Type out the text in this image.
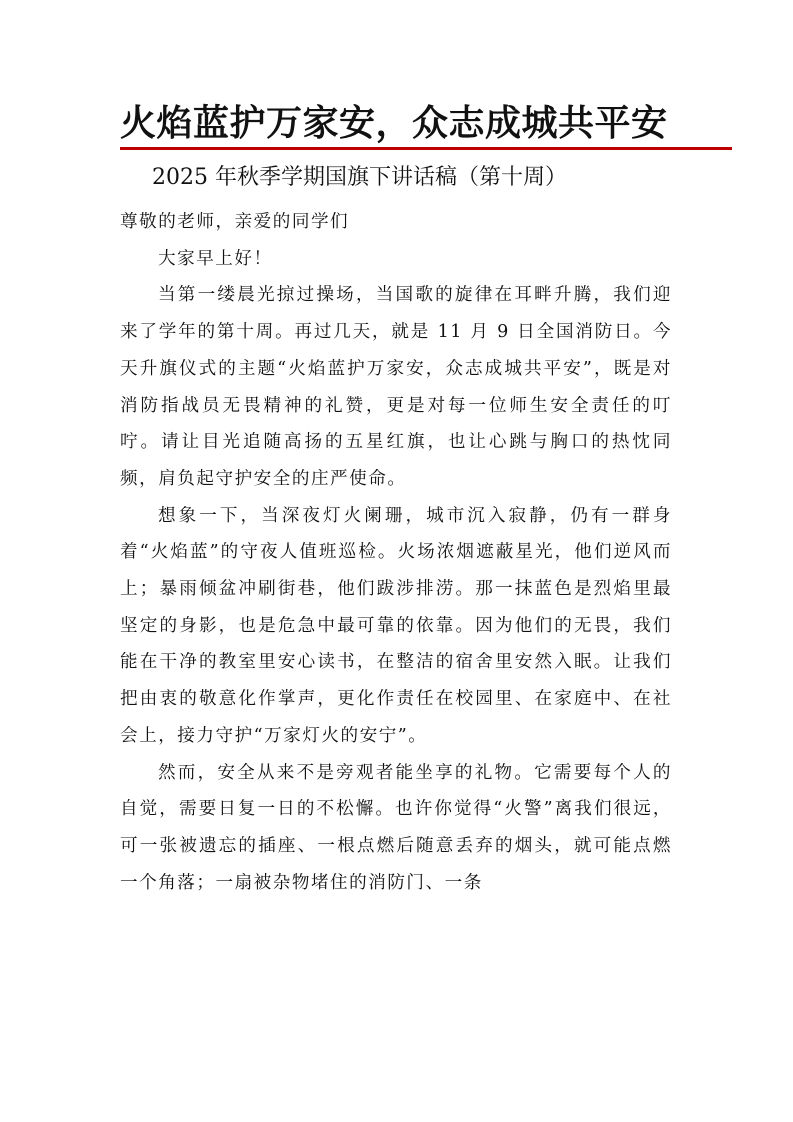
火焰蓝护万家安，众志成城共平安
2025 年秋季学期国旗下讲话稿（第十周）

尊敬的老师，亲爱的同学们

大家早上好！

当第一缕晨光掠过操场，当国歌的旋律在耳畔升腾，我们迎来了学年的第十周。再过几天，就是 11 月 9 日全国消防日。今天升旗仪式的主题“火焰蓝护万家安，众志成城共平安”，既是对消防指战员无畏精神的礼赞，更是对每一位师生安全责任的叮咛。请让目光追随高扬的五星红旗，也让心跳与胸口的热忱同频，肩负起守护安全的庄严使命。

想象一下，当深夜灯火阑珊，城市沉入寂静，仍有一群身着“火焰蓝”的守夜人值班巡检。火场浓烟遮蔽星光，他们逆风而上；暴雨倾盆冲刷街巷，他们跋涉排涝。那一抹蓝色是烈焰里最坚定的身影，也是危急中最可靠的依靠。因为他们的无畏，我们能在干净的教室里安心读书，在整洁的宿舍里安然入眠。让我们把由衷的敬意化作掌声，更化作责任在校园里、在家庭中、在社会上，接力守护“万家灯火的安宁”。

然而，安全从来不是旁观者能坐享的礼物。它需要每个人的自觉，需要日复一日的不松懈。也许你觉得“火警”离我们很远，可一张被遗忘的插座、一根点燃后随意丢弃的烟头，就可能点燃一个角落；一扇被杂物堵住的消防门、一条
